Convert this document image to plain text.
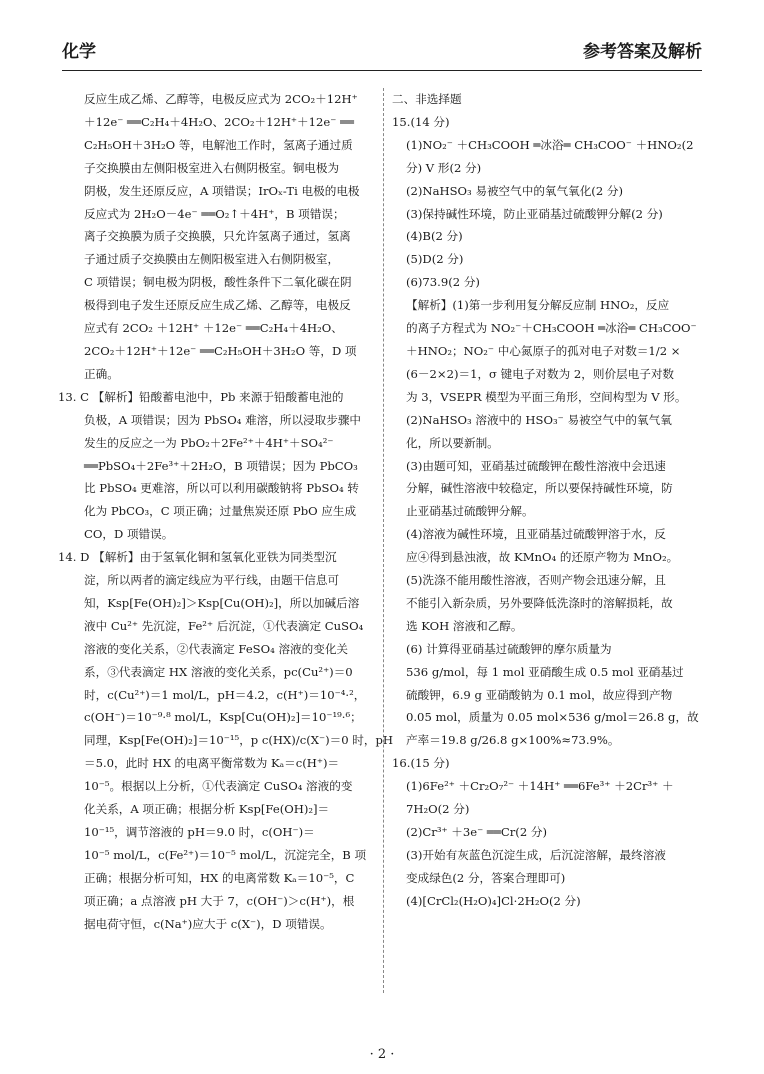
化学	参考答案及解析

反应生成乙烯、乙醇等，电极反应式为 2CO₂＋12H⁺

＋12e⁻ ══C₂H₄＋4H₂O、2CO₂＋12H⁺＋12e⁻ ══

C₂H₅OH＋3H₂O 等，电解池工作时，氢离子通过质

子交换膜由左侧阳极室进入右侧阴极室。铜电极为

阴极，发生还原反应，A 项错误；IrOₓ-Ti 电极的电极

反应式为 2H₂O－4e⁻ ══O₂↑＋4H⁺，B 项错误；

离子交换膜为质子交换膜，只允许氢离子通过，氢离

子通过质子交换膜由左侧阳极室进入右侧阴极室，

C 项错误；铜电极为阴极，酸性条件下二氧化碳在阴

极得到电子发生还原反应生成乙烯、乙醇等，电极反

应式有 2CO₂ ＋12H⁺ ＋12e⁻ ══C₂H₄＋4H₂O、

2CO₂＋12H⁺＋12e⁻ ══C₂H₅OH＋3H₂O 等，D 项

正确。

13. C 【解析】铅酸蓄电池中，Pb 来源于铅酸蓄电池的

负极，A 项错误；因为 PbSO₄ 难溶，所以浸取步骤中

发生的反应之一为 PbO₂＋2Fe²⁺＋4H⁺＋SO₄²⁻

══PbSO₄＋2Fe³⁺＋2H₂O，B 项错误；因为 PbCO₃

比 PbSO₄ 更难溶，所以可以利用碳酸钠将 PbSO₄ 转

化为 PbCO₃，C 项正确；过量焦炭还原 PbO 应生成

CO，D 项错误。

14. D 【解析】由于氢氧化铜和氢氧化亚铁为同类型沉

淀，所以两者的滴定线应为平行线，由题干信息可

知，Ksp[Fe(OH)₂]＞Ksp[Cu(OH)₂]，所以加碱后溶

液中 Cu²⁺ 先沉淀，Fe²⁺ 后沉淀，①代表滴定 CuSO₄

溶液的变化关系，②代表滴定 FeSO₄ 溶液的变化关

系，③代表滴定 HX 溶液的变化关系，pc(Cu²⁺)＝0

时，c(Cu²⁺)＝1 mol/L，pH＝4.2，c(H⁺)＝10⁻⁴·²，

c(OH⁻)＝10⁻⁹·⁸ mol/L，Ksp[Cu(OH)₂]＝10⁻¹⁹·⁶；

同理，Ksp[Fe(OH)₂]＝10⁻¹⁵，p c(HX)/c(X⁻)＝0 时，pH

＝5.0，此时 HX 的电离平衡常数为 Kₐ＝c(H⁺)＝

10⁻⁵。根据以上分析，①代表滴定 CuSO₄ 溶液的变

化关系，A 项正确；根据分析 Ksp[Fe(OH)₂]＝

10⁻¹⁵，调节溶液的 pH＝9.0 时，c(OH⁻)＝

10⁻⁵ mol/L，c(Fe²⁺)＝10⁻⁵ mol/L，沉淀完全，B 项

正确；根据分析可知，HX 的电离常数 Kₐ＝10⁻⁵，C

项正确；a 点溶液 pH 大于 7，c(OH⁻)＞c(H⁺)，根

据电荷守恒，c(Na⁺)应大于 c(X⁻)，D 项错误。

二、非选择题

15.(14 分)

(1)NO₂⁻ ＋CH₃COOH ═冰浴═ CH₃COO⁻ ＋HNO₂(2

分) V 形(2 分)

(2)NaHSO₃ 易被空气中的氧气氧化(2 分)

(3)保持碱性环境，防止亚硝基过硫酸钾分解(2 分)

(4)B(2 分)

(5)D(2 分)

(6)73.9(2 分)

【解析】(1)第一步利用复分解反应制 HNO₂，反应

的离子方程式为 NO₂⁻＋CH₃COOH ═冰浴═ CH₃COO⁻

＋HNO₂；NO₂⁻ 中心氮原子的孤对电子对数＝1/2 ×

(6－2×2)＝1，σ 键电子对数为 2，则价层电子对数

为 3，VSEPR 模型为平面三角形，空间构型为 V 形。

(2)NaHSO₃ 溶液中的 HSO₃⁻ 易被空气中的氧气氧

化，所以要新制。

(3)由题可知，亚硝基过硫酸钾在酸性溶液中会迅速

分解，碱性溶液中较稳定，所以要保持碱性环境，防

止亚硝基过硫酸钾分解。

(4)溶液为碱性环境，且亚硝基过硫酸钾溶于水，反

应④得到悬浊液，故 KMnO₄ 的还原产物为 MnO₂。

(5)洗涤不能用酸性溶液，否则产物会迅速分解，且

不能引入新杂质，另外要降低洗涤时的溶解损耗，故

选 KOH 溶液和乙醇。

(6) 计算得亚硝基过硫酸钾的摩尔质量为

536 g/mol，每 1 mol 亚硝酸生成 0.5 mol 亚硝基过

硫酸钾，6.9 g 亚硝酸钠为 0.1 mol，故应得到产物

0.05 mol，质量为 0.05 mol×536 g/mol＝26.8 g，故

产率＝19.8 g/26.8 g×100%≈73.9%。

16.(15 分)

(1)6Fe²⁺ ＋Cr₂O₇²⁻ ＋14H⁺ ══6Fe³⁺ ＋2Cr³⁺ ＋

7H₂O(2 分)

(2)Cr³⁺ ＋3e⁻ ══Cr(2 分)

(3)开始有灰蓝色沉淀生成，后沉淀溶解，最终溶液

变成绿色(2 分，答案合理即可)

(4)[CrCl₂(H₂O)₄]Cl·2H₂O(2 分)

· 2 ·
